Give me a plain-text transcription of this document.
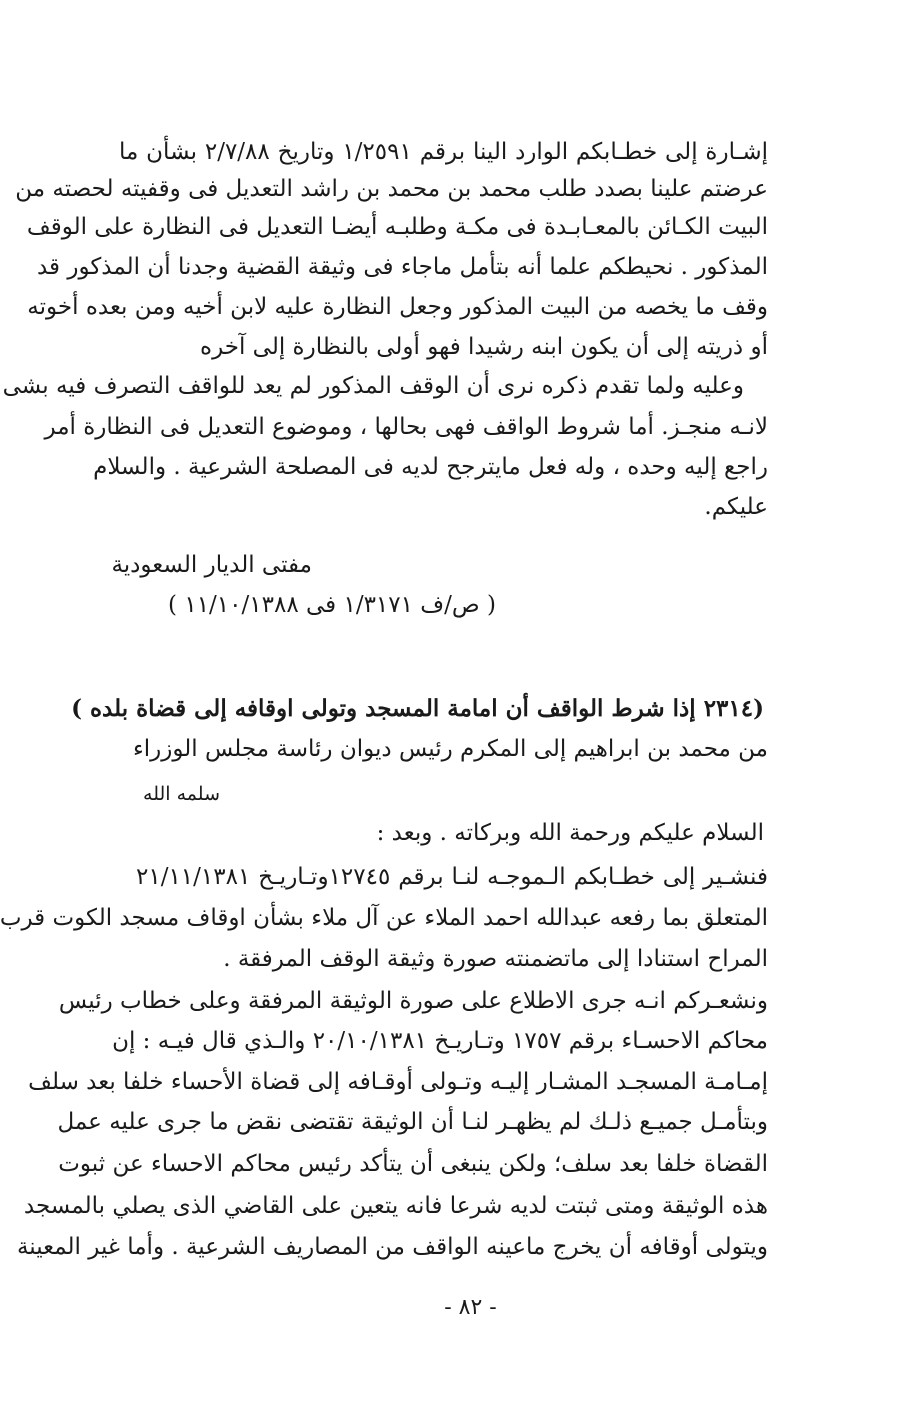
إشـارة إلى خطـابكم الوارد الينا برقم ١/٢٥٩١ وتاريخ ٢/٧/٨٨ بشأن ما
عرضتم علينا بصدد طلب محمد بن محمد بن راشد التعديل فى وقفيته لحصته من
البيت الكـائن بالمعـابـدة فى مكـة وطلبـه أيضـا التعديل فى النظارة على الوقف
المذكور . نحيطكم علما أنه بتأمل ماجاء فى وثيقة القضية وجدنا أن المذكور قد
وقف ما يخصه من البيت المذكور وجعل النظارة عليه لابن أخيه ومن بعده أخوته
أو ذريته إلى أن يكون ابنه رشيدا فهو أولى بالنظارة إلى آخره
وعليه ولما تقدم ذكره نرى أن الوقف المذكور لم يعد للواقف التصرف فيه بشى
لانـه منجـز. أما شروط الواقف فهى بحالها ، وموضوع التعديل فى النظارة أمر
راجع إليه وحده ، وله فعل مايترجح لديه فى المصلحة الشرعية . والسلام
عليكم.
مفتى الديار السعودية
( ص/ف ١/٣١٧١ فى ١١/١٠/١٣٨٨ )
(٢٣١٤ إذا شرط الواقف أن امامة المسجد وتولى اوقافه إلى قضاة بلده )
من محمد بن ابراهيم إلى المكرم رئيس ديوان رئاسة مجلس الوزراء
سلمه الله
السلام عليكم ورحمة الله وبركاته . وبعد :
فنشـير إلى خطـابكم الـموجـه لنـا برقم ١٢٧٤٥وتـاريـخ ٢١/١١/١٣٨١
المتعلق بما رفعه عبدالله احمد الملاء عن آل ملاء بشأن اوقاف مسجد الكوت قرب
المراح استنادا إلى ماتضمنته صورة وثيقة الوقف المرفقة .
ونشعـركم انـه جرى الاطلاع على صورة الوثيقة المرفقة وعلى خطاب رئيس
محاكم الاحسـاء برقم ١٧٥٧ وتـاريـخ ٢٠/١٠/١٣٨١ والـذي قال فيـه : إن
إمـامـة المسجـد المشـار إليـه وتـولى أوقـافه إلى قضاة الأحساء خلفا بعد سلف
وبتأمـل جميـع ذلـك لم يظهـر لنـا أن الوثيقة تقتضى نقض ما جرى عليه عمل
القضاة خلفا بعد سلف؛ ولكن ينبغى أن يتأكد رئيس محاكم الاحساء عن ثبوت
هذه الوثيقة ومتى ثبتت لديه شرعا فانه يتعين على القاضي الذى يصلي بالمسجد
ويتولى أوقافه أن يخرج ماعينه الواقف من المصاريف الشرعية . وأما غير المعينة
- ٨٢ -
